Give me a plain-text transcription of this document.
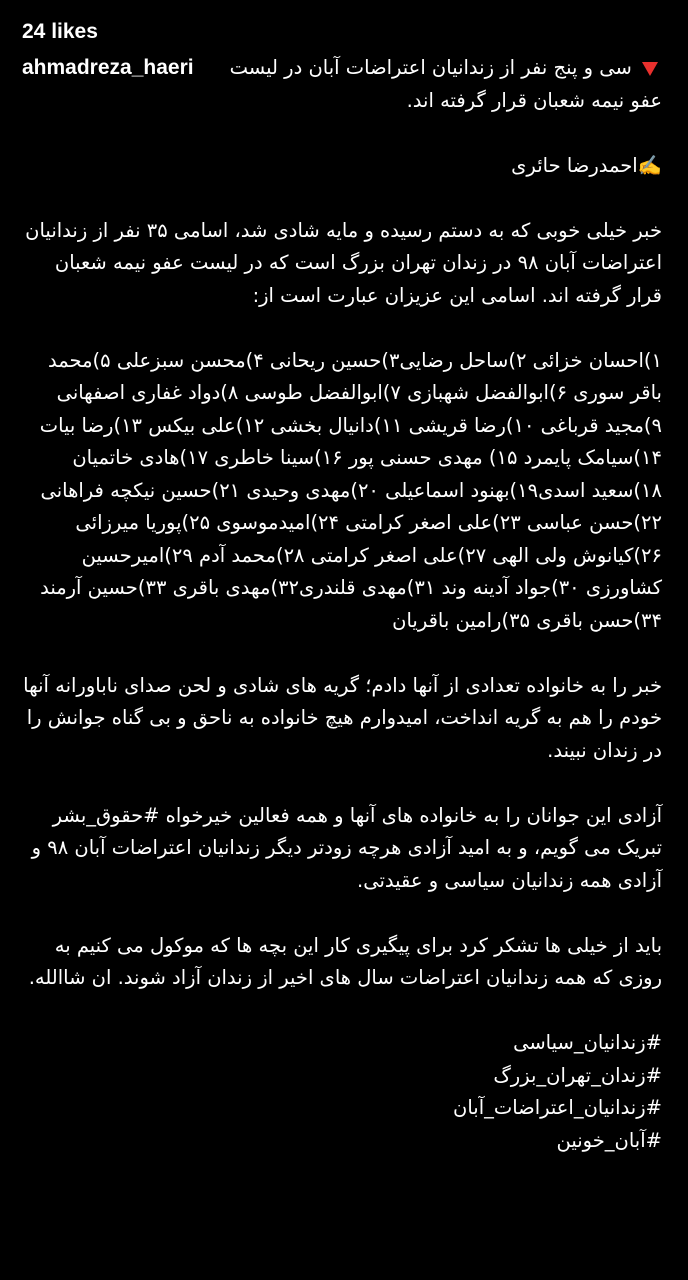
24 likes

ahmadreza_haeri سی و پنج نفر از زندانیان اعتراضات آبان در لیست عفو نیمه شعبان قرار گرفته اند.

✍️احمدرضا حائری

خبر خیلی خوبی که به دستم رسیده و مایه شادی شد، اسامی ۳۵ نفر از زندانیان اعتراضات آبان ۹۸ در زندان تهران بزرگ است که در لیست عفو نیمه شعبان قرار گرفته اند. اسامی این عزیزان عبارت است از:

۱)احسان خزائی ۲)ساحل رضایی۳)حسین ریحانی ۴)محسن سبزعلی ۵)محمد باقر سوری ۶)ابوالفضل شهبازی ۷)ابوالفضل طوسی ۸)دواد غفاری اصفهانی ۹)مجید قرباغی ۱۰)رضا قریشی ۱۱)دانیال بخشی ۱۲)علی بیکس ۱۳)رضا بیات ۱۴)سیامک پایمرد ۱۵) مهدی حسنی پور ۱۶)سینا خاطری ۱۷)هادی خاتمیان ۱۸)سعید اسدی۱۹)بهنود اسماعیلی ۲۰)مهدی وحیدی ۲۱)حسین نیکچه فراهانی ۲۲)حسن عباسی ۲۳)علی اصغر کرامتی ۲۴)امیدموسوی ۲۵)پوریا میرزائی ۲۶)کیانوش ولی الهی ۲۷)علی اصغر کرامتی ۲۸)محمد آدم ۲۹)امیرحسین کشاورزی ۳۰)جواد آدینه وند ۳۱)مهدی قلندری۳۲)مهدی باقری ۳۳)حسین آرمند ۳۴)حسن باقری ۳۵)رامین باقریان

خبر را به خانواده تعدادی از آنها دادم؛ گریه های شادی و لحن صدای ناباورانه آنها خودم را هم به گریه انداخت، امیدوارم هیچ خانواده به ناحق و بی گناه جوانش را در زندان نبیند.

آزادی این جوانان را به خانواده های آنها و همه فعالین خیرخواه #حقوق_بشر تبریک می گویم، و به امید آزادی هرچه زودتر دیگر زندانیان اعتراضات آبان ۹۸ و آزادی همه زندانیان سیاسی و عقیدتی.

باید از خیلی ها تشکر کرد برای پیگیری کار این بچه ها که موکول می کنیم به روزی که همه زندانیان اعتراضات سال های اخیر از زندان آزاد شوند. ان شاالله.

#زندانیان_سیاسی
#زندان_تهران_بزرگ
#زندانیان_اعتراضات_آبان
#آبان_خونین
